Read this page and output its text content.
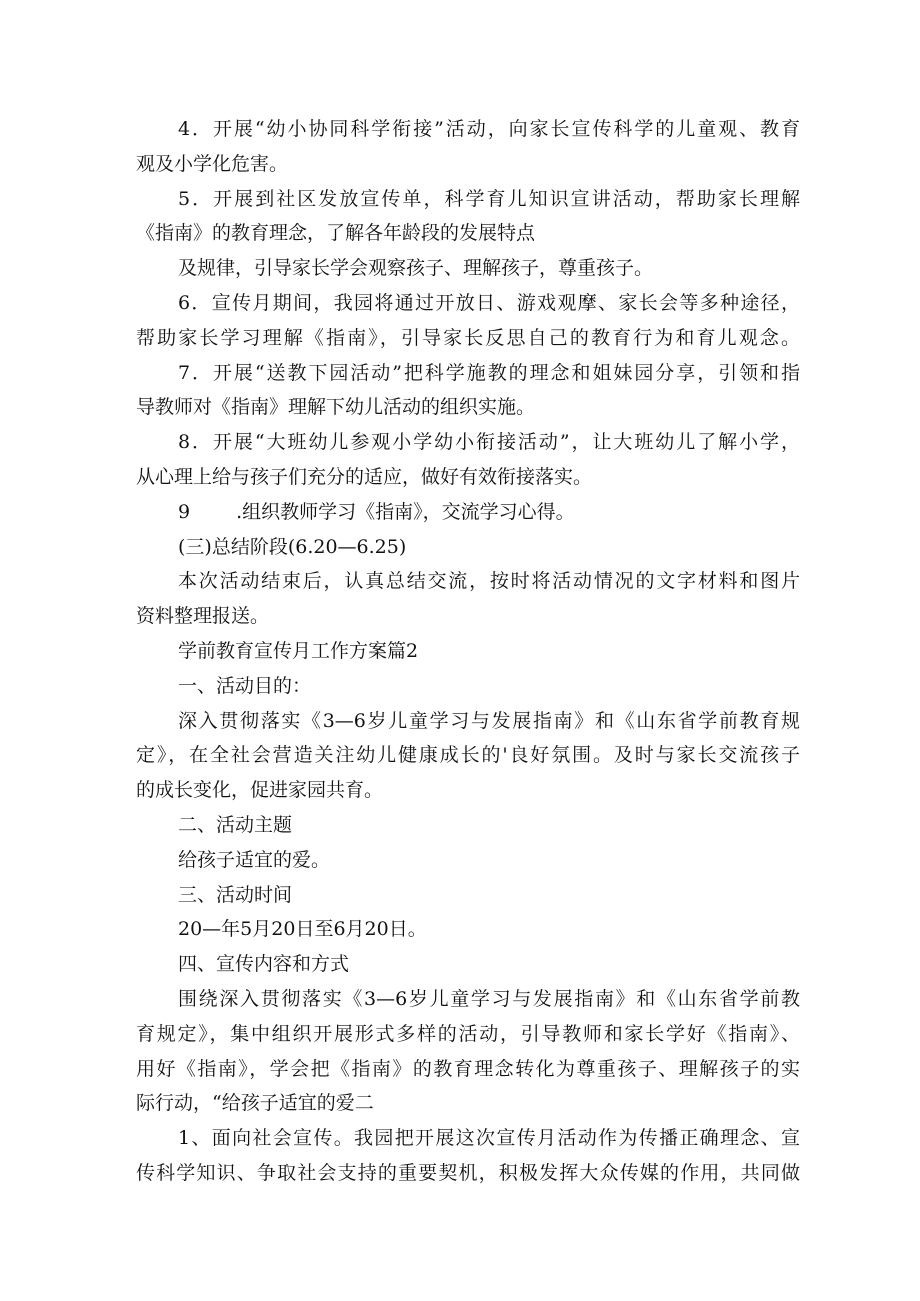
4．开展“幼小协同科学衔接”活动，向家长宣传科学的儿童观、教育
观及小学化危害。
5．开展到社区发放宣传单，科学育儿知识宣讲活动，帮助家长理解
《指南》的教育理念，了解各年龄段的发展特点
及规律，引导家长学会观察孩子、理解孩子，尊重孩子。
6．宣传月期间，我园将通过开放日、游戏观摩、家长会等多种途径，
帮助家长学习理解《指南》，引导家长反思自己的教育行为和育儿观念。
7．开展“送教下园活动”把科学施教的理念和姐妹园分享，引领和指
导教师对《指南》理解下幼儿活动的组织实施。
8．开展“大班幼儿参观小学幼小衔接活动”，让大班幼儿了解小学，
从心理上给与孩子们充分的适应，做好有效衔接落实。
9 .组织教师学习《指南》，交流学习心得。
(三)总结阶段(6.20—6.25)
本次活动结束后，认真总结交流，按时将活动情况的文字材料和图片
资料整理报送。
学前教育宣传月工作方案篇2
一、活动目的：
深入贯彻落实《3—6岁儿童学习与发展指南》和《山东省学前教育规
定》，在全社会营造关注幼儿健康成长的'良好氛围。及时与家长交流孩子
的成长变化，促进家园共育。
二、活动主题
给孩子适宜的爱。
三、活动时间
20—年5月20日至6月20日。
四、宣传内容和方式
围绕深入贯彻落实《3—6岁儿童学习与发展指南》和《山东省学前教
育规定》，集中组织开展形式多样的活动，引导教师和家长学好《指南》、
用好《指南》，学会把《指南》的教育理念转化为尊重孩子、理解孩子的实
际行动，“给孩子适宜的爱二
1、面向社会宣传。我园把开展这次宣传月活动作为传播正确理念、宣
传科学知识、争取社会支持的重要契机，积极发挥大众传媒的作用，共同做
